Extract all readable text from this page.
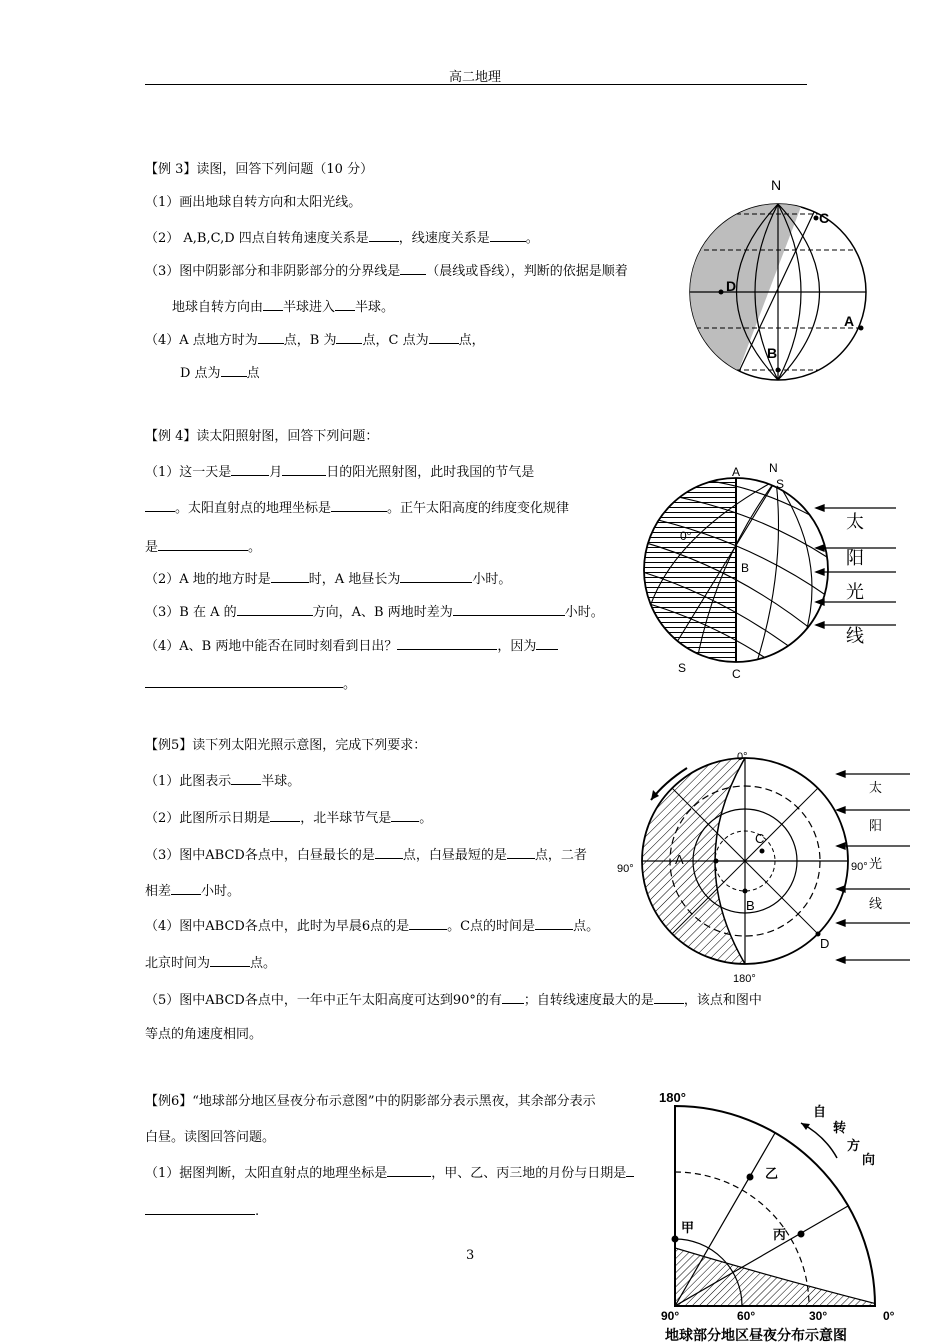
高二地理
【例 3】读图，回答下列问题（10 分）
（1）画出地球自转方向和太阳光线。
（2） A,B,C,D 四点自转角速度关系是 ，线速度关系是	。
（3）图中阴影部分和非阴影部分的分界线是 （晨线或昏线），判断的依据是顺着
地球自转方向由 半球进入 半球。
（4）A 点地方时为 点，B 为 点，C 点为 点，
D 点为 点
N
C
D
A
B
【例 4】读太阳照射图，回答下列问题：
（1）这一天是	月	日的阳光照射图，此时我国的节气是
。太阳直射点的地理坐标是	。正午太阳高度的纬度变化规律
是	。
（2）A 地的地方时是	时，A 地昼长为	小时。
（3）B 在 A 的	方向，A、B 两地时差为	小时。
（4）A、B 两地中能否在同时刻看到日出？	，因为
。
A N
S
0°
B
S	C
太
阳
光
线
【例5】读下列太阳光照示意图，完成下列要求：
（1）此图表示 半球。
（2）此图所示日期是 ，北半球节气是 。
（3）图中ABCD各点中，白昼最长的是 点，白昼最短的是 点，二者
相差 小时。
（4）图中ABCD各点中，此时为早晨6点的是	。C点的时间是	点。
北京时间为	点。
（5）图中ABCD各点中，一年中正午太阳高度可达到90°的有 ；自转线速度最大的是 ，该点和图中
等点的角速度相同。
0°
90°	90°
180°
A
B
C
D
太
阳
光
线
【例6】“地球部分地区昼夜分布示意图”中的阴影部分表示黑夜，其余部分表示
白昼。读图回答问题。
（1）据图判断，太阳直射点的地理坐标是	，甲、乙、丙三地的月份与日期是
.
3
180°
自
转
方
向
乙
甲	丙
90°	60°	30°	0°
地球部分地区昼夜分布示意图
